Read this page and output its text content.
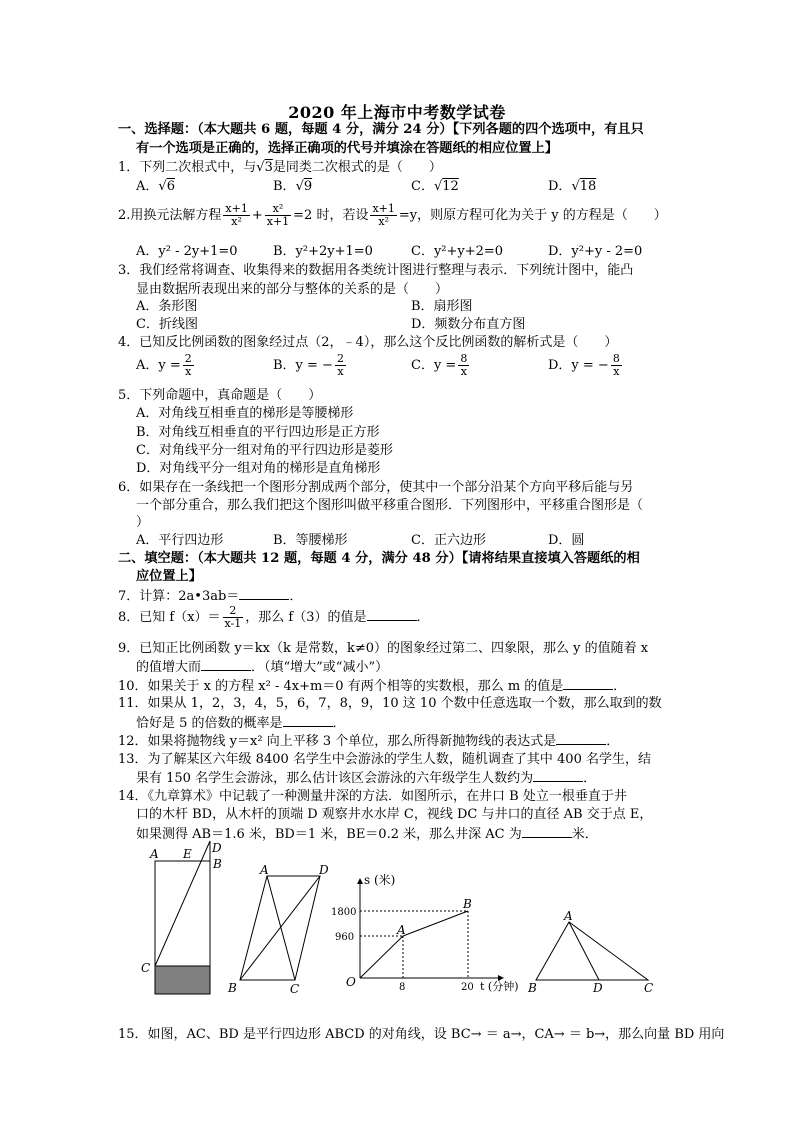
2020 年上海市中考数学试卷
一、选择题：（本大题共 6 题，每题 4 分，满分 24 分）【下列各题的四个选项中，有且只
有一个选项是正确的，选择正确项的代号并填涂在答题纸的相应位置上】
1．下列二次根式中，与√3是同类二次根式的是（　　）
A．√6	B．√9	C．√12	D．√18
2.用换元法解方程 $\frac{x+1}{\text{x²}} + \frac{\text{x²}}{x+1} =2$ 时，若设 $\frac{x+1}{\text{x²}} =y$，则原方程可化为关于 y 的方程是（　　）
A．y² - 2y+1=0	B．y²+2y+1=0	C．y²+y+2=0	D．y²+y - 2=0
3．我们经常将调查、收集得来的数据用各类统计图进行整理与表示．下列统计图中，能凸
显由数据所表现出来的部分与整体的关系的是（　　）
A．条形图	B．扇形图
C．折线图	D．频数分布直方图
4．已知反比例函数的图象经过点（2，﹣4），那么这个反比例函数的解析式是（　　）
A．$y = \frac{2}{x}$	B．y = − $\frac{2}{x}$	C．$y = \frac{8}{x}$	D．y = − $\frac{8}{x}$
5．下列命题中，真命题是（　　）
A．对角线互相垂直的梯形是等腰梯形
B．对角线互相垂直的平行四边形是正方形
C．对角线平分一组对角的平行四边形是菱形
D．对角线平分一组对角的梯形是直角梯形
6．如果存在一条线把一个图形分割成两个部分，使其中一个部分沿某个方向平移后能与另
一个部分重合，那么我们把这个图形叫做平移重合图形．下列图形中，平移重合图形是（
）
A．平行四边形	B．等腰梯形	C．正六边形	D．圆
二、填空题：（本大题共 12 题，每题 4 分，满分 48 分）【请将结果直接填入答题纸的相
应位置上】
7．计算：2a•3ab＝	．
8．已知 $f(x)= \frac{2}{x-1}$ ，那么 f（3）的值是	．
9．已知正比例函数 y＝kx（k 是常数，k≠0）的图象经过第二、四象限，那么 y 的值随着 x
的值增大而	．（填“增大”或“减小”）
10．如果关于 x 的方程 x² - 4x+m＝0 有两个相等的实数根，那么 m 的值是	．
11．如果从 1，2，3，4，5，6，7，8，9，10 这 10 个数中任意选取一个数，那么取到的数
恰好是 5 的倍数的概率是	．
12．如果将抛物线 y＝x² 向上平移 3 个单位，那么所得新抛物线的表达式是	．
13．为了解某区六年级 8400 名学生中会游泳的学生人数，随机调查了其中 400 名学生，结
果有 150 名学生会游泳，那么估计该区会游泳的六年级学生人数约为	．
14．《九章算术》中记载了一种测量井深的方法．如图所示，在井口 B 处立一根垂直于井
口的木杆 BD，从木杆的顶端 D 观察井水水岸 C，视线 DC 与井口的直径 AB 交于点 E，
如果测得 AB＝1.6 米，BD＝1 米，BE＝0.2 米，那么井深 AC 为	米．
A E
B
D
C
A	D
B	C
s (米)
1800
960
O	8	20 t (分钟)
A
B
A
B	D	C
15．如图，AC、BD 是平行四边形 ABCD 的对角线，设 BC→ ＝ a→，CA→ ＝ b→，那么向量 BD 用向
